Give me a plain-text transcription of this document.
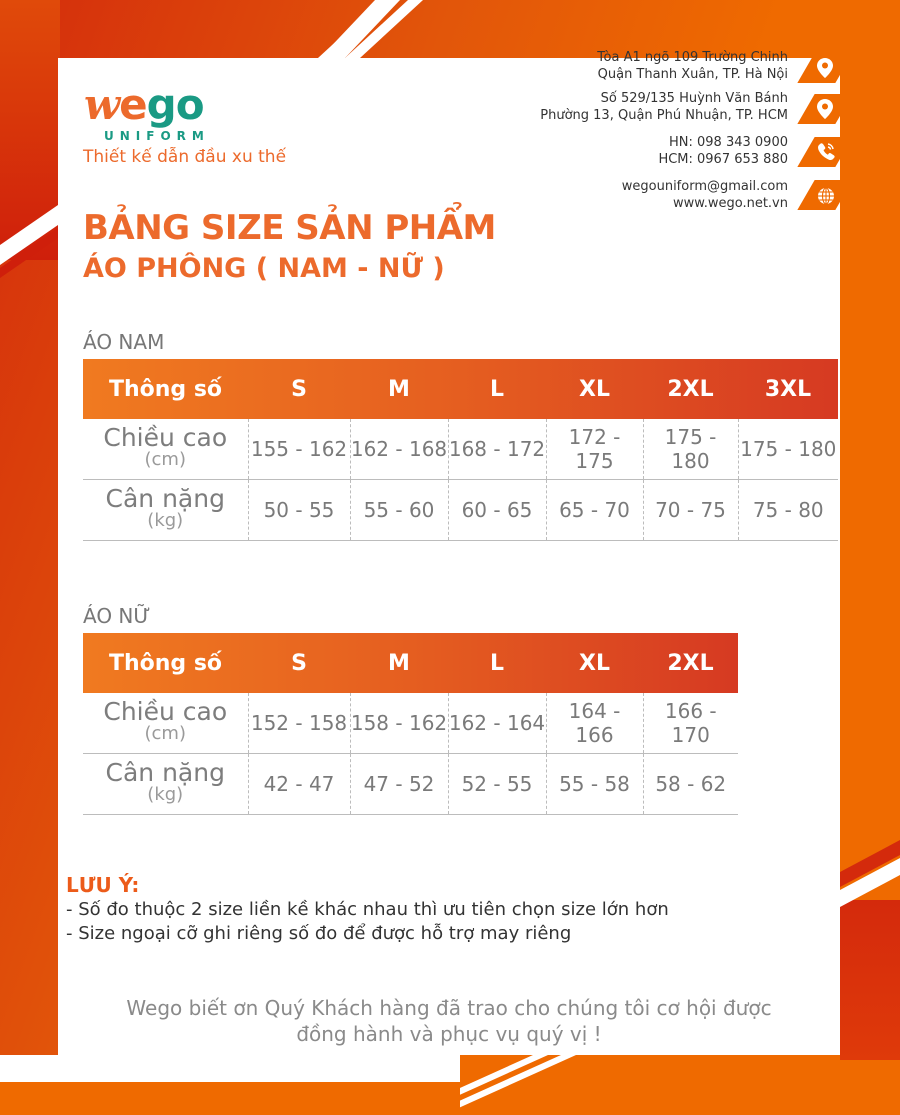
wego
UNIFORM
Thiết kế dẫn đầu xu thế
Tòa A1 ngõ 109 Trường Chinh
Quận Thanh Xuân, TP. Hà Nội
Số 529/135 Huỳnh Văn Bánh
Phường 13, Quận Phú Nhuận, TP. HCM
HN: 098 343 0900
HCM: 0967 653 880
wegouniform@gmail.com
www.wego.net.vn
BẢNG SIZE SẢN PHẨM
ÁO PHÔNG ( NAM - NỮ )
ÁO NAM
Thông số	S	M	L	XL	2XL	3XL

Chiều cao
(cm)	155 - 162	162 - 168	168 - 172	172 - 175	175 - 180	175 - 180

Cân nặng
(kg)	50 - 55	55 - 60	60 - 65	65 - 70	70 - 75	75 - 80
ÁO NỮ
Thông số	S	M	L	XL	2XL

Chiều cao
(cm)	152 - 158	158 - 162	162 - 164	164 - 166	166 - 170

Cân nặng
(kg)	42 - 47	47 - 52	52 - 55	55 - 58	58 - 62
LƯU Ý:
- Số đo thuộc 2 size liền kề khác nhau thì ưu tiên chọn size lớn hơn
- Size ngoại cỡ ghi riêng số đo để được hỗ trợ may riêng
Wego biết ơn Quý Khách hàng đã trao cho chúng tôi cơ hội được
đồng hành và phục vụ quý vị !
